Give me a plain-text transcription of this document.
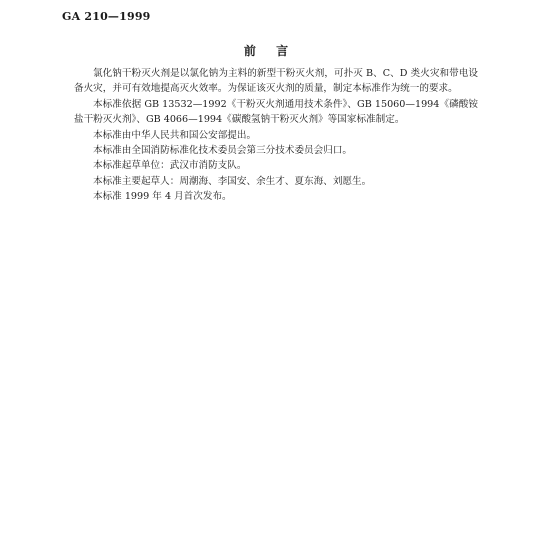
GA 210—1999
前 言

氯化钠干粉灭火剂是以氯化钠为主料的新型干粉灭火剂，可扑灭 B、C、D 类火灾和带电设备火灾，并可有效地提高灭火效率。为保证该灭火剂的质量，制定本标准作为统一的要求。

本标准依据 GB 13532—1992《干粉灭火剂通用技术条件》、GB 15060—1994《磷酸铵盐干粉灭火剂》、GB 4066—1994《碳酸氢钠干粉灭火剂》等国家标准制定。

本标准由中华人民共和国公安部提出。

本标准由全国消防标准化技术委员会第三分技术委员会归口。

本标准起草单位：武汉市消防支队。

本标准主要起草人：周潮海、李国安、余生才、夏东海、刘愿生。

本标准 1999 年 4 月首次发布。
